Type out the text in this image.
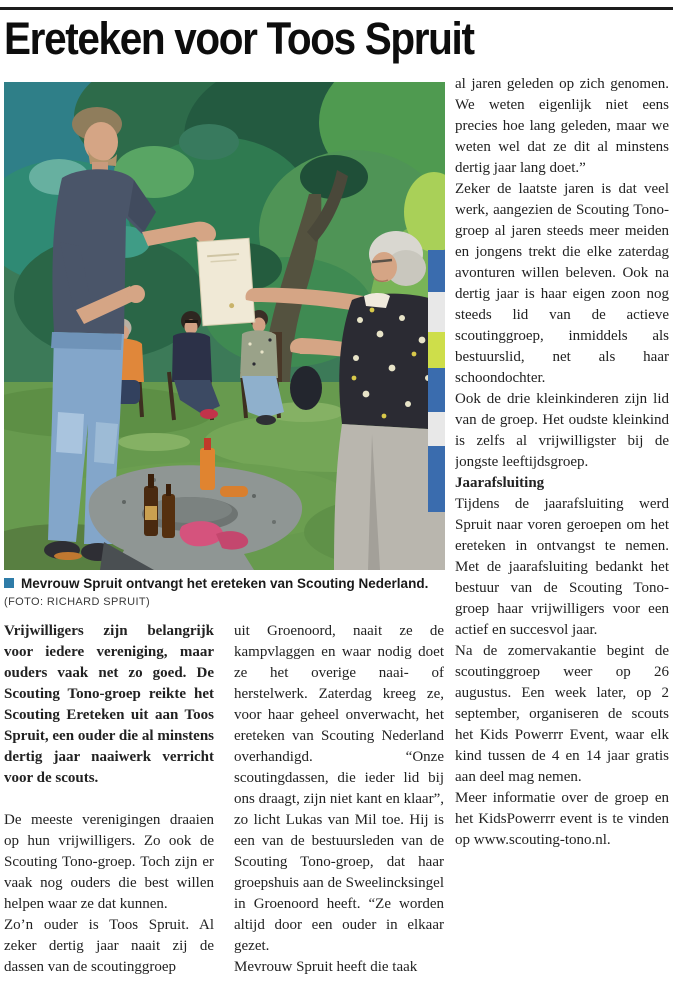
Ereteken voor Toos Spruit
Mevrouw Spruit ontvangt het ereteken van Scouting Nederland. (FOTO: RICHARD SPRUIT)

Vrijwilligers zijn belangrijk voor iedere vereniging, maar ouders vaak net zo goed. De Scouting Tono-groep reikte het Scouting Ereteken uit aan Toos Spruit, een ouder die al minstens dertig jaar naaiwerk verricht voor de scouts.

De meeste verenigingen draaien op hun vrijwilligers. Zo ook de Scouting Tono-groep. Toch zijn er vaak nog ouders die best willen helpen waar ze dat kunnen.

Zo’n ouder is Toos Spruit. Al zeker dertig jaar naait zij de dassen van de scoutinggroep

uit Groenoord, naait ze de kampvlaggen en waar nodig doet ze het overige naai- of herstelwerk. Zaterdag kreeg ze, voor haar geheel onverwacht, het ereteken van Scouting Nederland overhandigd. “Onze scoutingdassen, die ieder lid bij ons draagt, zijn niet kant en klaar”, zo licht Lukas van Mil toe. Hij is een van de bestuursleden van de Scouting Tono-groep, dat haar groepshuis aan de Sweelincksingel in Groenoord heeft. “Ze worden altijd door een ouder in elkaar gezet.

Mevrouw Spruit heeft die taak

al jaren geleden op zich genomen. We weten eigenlijk niet eens precies hoe lang geleden, maar we weten wel dat ze dit al minstens dertig jaar lang doet.”

Zeker de laatste jaren is dat veel werk, aangezien de Scouting Tono-groep al jaren steeds meer meiden en jongens trekt die elke zaterdag avonturen willen beleven. Ook na dertig jaar is haar eigen zoon nog steeds lid van de actieve scoutinggroep, inmiddels als bestuurslid, net als haar schoondochter.

Ook de drie kleinkinderen zijn lid van de groep. Het oudste kleinkind is zelfs al vrijwilligster bij de jongste leeftijdsgroep.

Jaarafsluiting

Tijdens de jaarafsluiting werd Spruit naar voren geroepen om het ereteken in ontvangst te nemen. Met de jaarafsluiting bedankt het bestuur van de Scouting Tono-groep haar vrijwilligers voor een actief en succesvol jaar.

Na de zomervakantie begint de scoutinggroep weer op 26 augustus. Een week later, op 2 september, organiseren de scouts het Kids Powerrr Event, waar elk kind tussen de 4 en 14 jaar gratis aan deel mag nemen.

Meer informatie over de groep en het KidsPowerrr event is te vinden op www.scouting-tono.nl.
